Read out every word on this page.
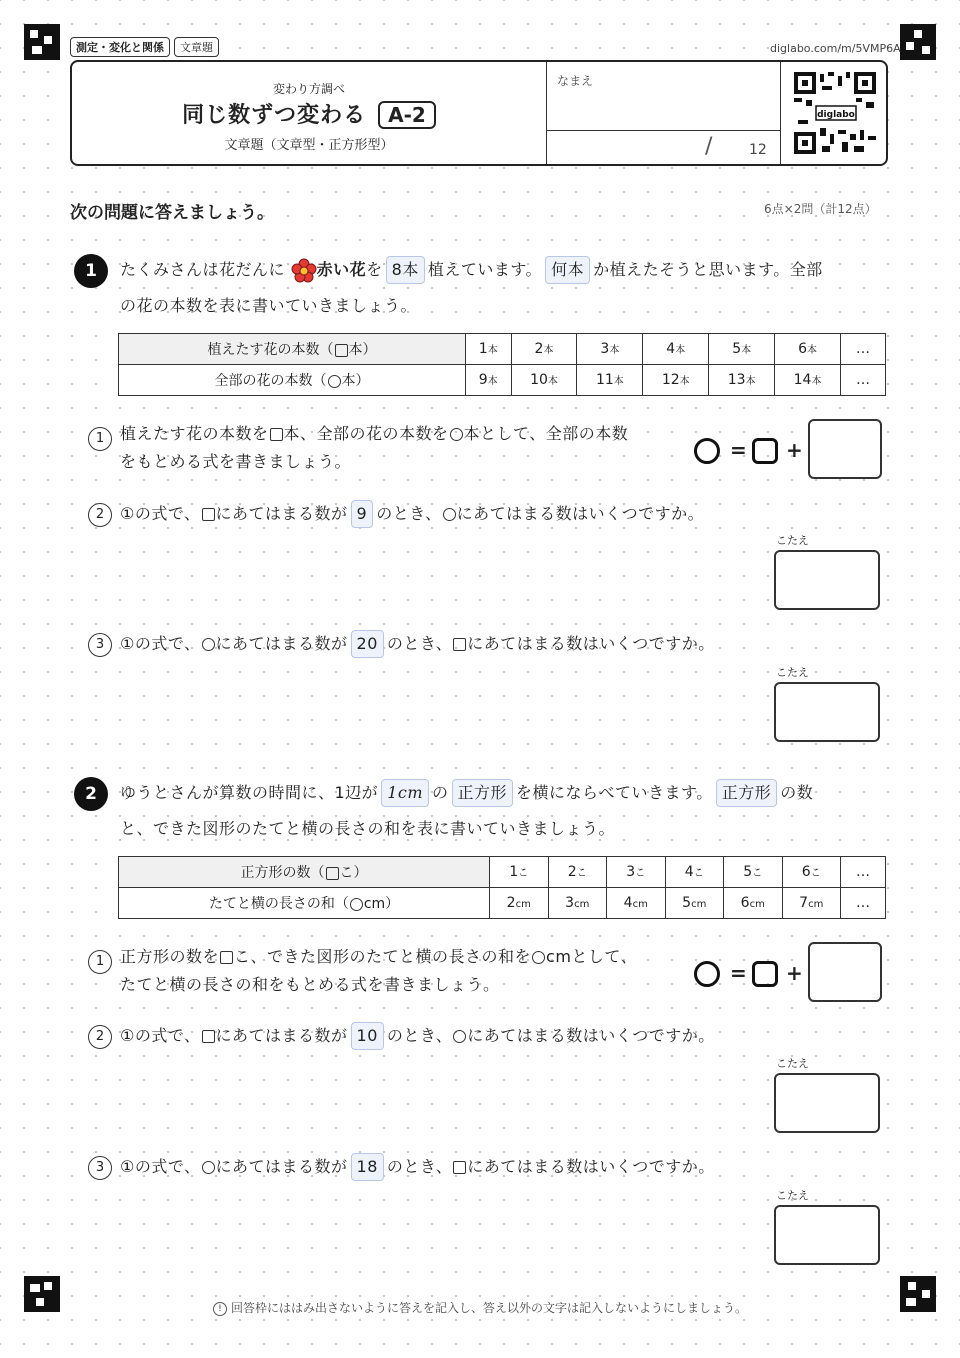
測定・変化と関係 文章題	diglabo.com/m/5VMP6A
変わり方調べ
同じ数ずつ変わる A-2
文章題（文章型・正方形型）
なまえ
/	12
diglabo
次の問題に答えましょう。	6点×2問（計12点）
1	たくみさんは花だんに 赤い花を 8本 植えています。 何本 か植えたそうと思います。全部
の花の本数を表に書いていきましょう。
植えたす花の本数（ 本）	1本	2本	3本	4本	5本	6本	…
全部の花の本数（ 本）	9本	10本	11本	12本	13本	14本	…
1 植えたす花の本数を 本、全部の花の本数を 本として、全部の本数
をもとめる式を書きましょう。	= +
2 ①の式で、 にあてはまる数が 9 のとき、 にあてはまる数はいくつですか。
こたえ
3 ①の式で、 にあてはまる数が 20 のとき、 にあてはまる数はいくつですか。
こたえ
2	ゆうとさんが算数の時間に、1辺が 1cm の 正方形 を横にならべていきます。 正方形 の数
と、できた図形のたてと横の長さの和を表に書いていきましょう。
正方形の数（ こ）	1こ	2こ	3こ	4こ	5こ	6こ	…
たてと横の長さの和（ cm）	2cm	3cm	4cm	5cm	6cm	7cm	…
1 正方形の数を こ、できた図形のたてと横の長さの和を cmとして、
たてと横の長さの和をもとめる式を書きましょう。	= +
2 ①の式で、 にあてはまる数が 10 のとき、 にあてはまる数はいくつですか。
こたえ
3 ①の式で、 にあてはまる数が 18 のとき、 にあてはまる数はいくつですか。
こたえ
! 回答枠にははみ出さないように答えを記入し、答え以外の文字は記入しないようにしましょう。
